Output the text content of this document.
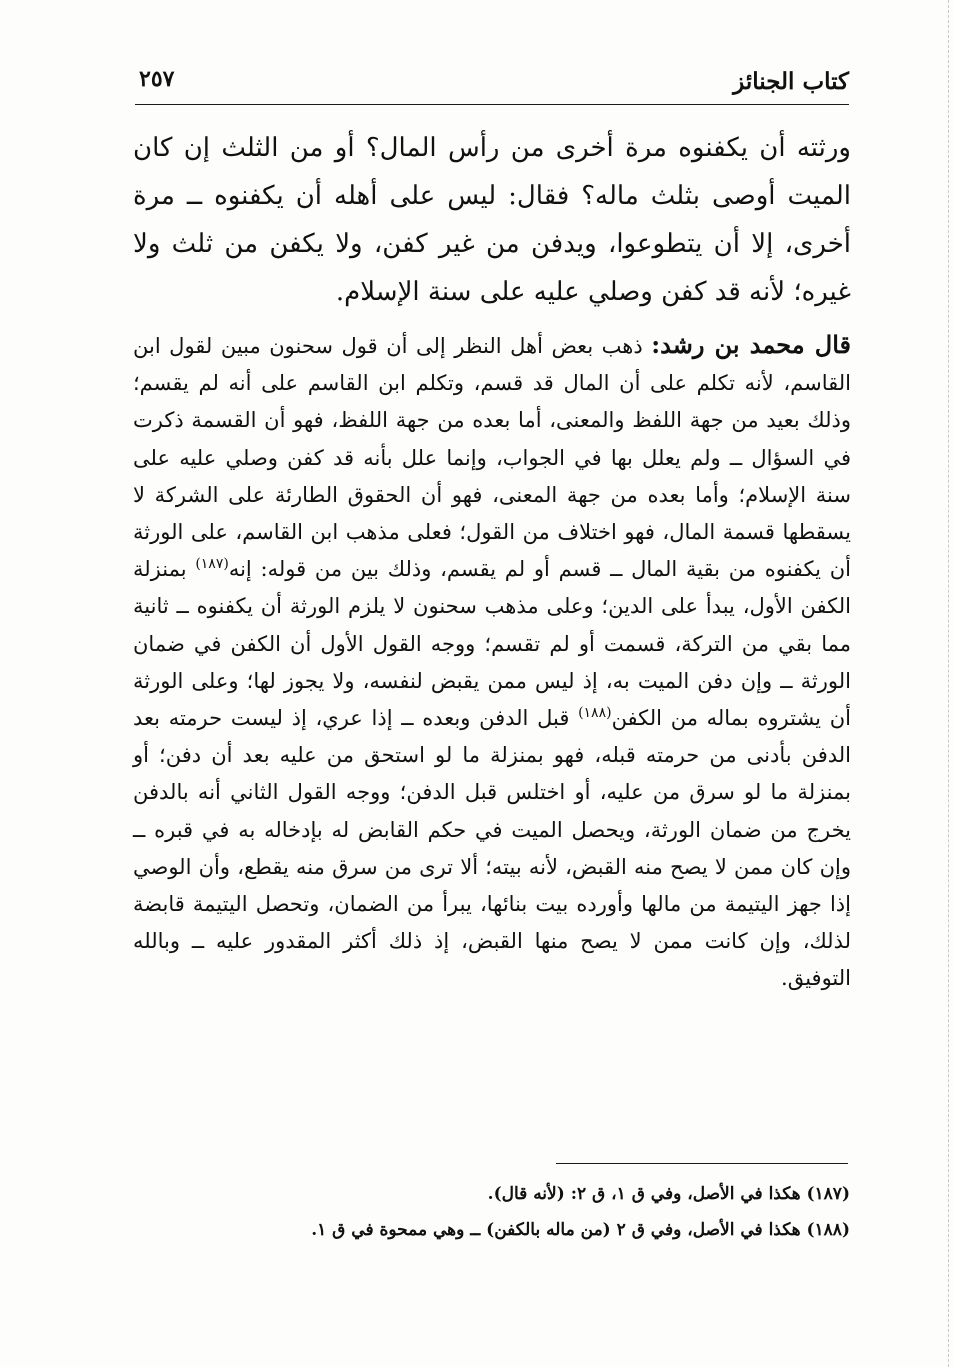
كتاب الجنائز
٢٥٧

ورثته أن يكفنوه مرة أخرى من رأس المال؟ أو من الثلث إن كان الميت أوصى بثلث ماله؟ فقال: ليس على أهله أن يكفنوه ــ مرة أخرى، إلا أن يتطوعوا، ويدفن من غير كفن، ولا يكفن من ثلث ولا غيره؛ لأنه قد كفن وصلي عليه على سنة الإسلام.

قال محمد بن رشد: ذهب بعض أهل النظر إلى أن قول سحنون مبين لقول ابن القاسم، لأنه تكلم على أن المال قد قسم، وتكلم ابن القاسم على أنه لم يقسم؛ وذلك بعيد من جهة اللفظ والمعنى، أما بعده من جهة اللفظ، فهو أن القسمة ذكرت في السؤال ــ ولم يعلل بها في الجواب، وإنما علل بأنه قد كفن وصلي عليه على سنة الإسلام؛ وأما بعده من جهة المعنى، فهو أن الحقوق الطارئة على الشركة لا يسقطها قسمة المال، فهو اختلاف من القول؛ فعلى مذهب ابن القاسم، على الورثة أن يكفنوه من بقية المال ــ قسم أو لم يقسم، وذلك بين من قوله: إنه$^{(١٨٧)}$ بمنزلة الكفن الأول، يبدأ على الدين؛ وعلى مذهب سحنون لا يلزم الورثة أن يكفنوه ــ ثانية مما بقي من التركة، قسمت أو لم تقسم؛ ووجه القول الأول أن الكفن في ضمان الورثة ــ وإن دفن الميت به، إذ ليس ممن يقبض لنفسه، ولا يجوز لها؛ وعلى الورثة أن يشتروه بماله من الكفن$^{(١٨٨)}$ قبل الدفن وبعده ــ إذا عري، إذ ليست حرمته بعد الدفن بأدنى من حرمته قبله، فهو بمنزلة ما لو استحق من عليه بعد أن دفن؛ أو بمنزلة ما لو سرق من عليه، أو اختلس قبل الدفن؛ ووجه القول الثاني أنه بالدفن يخرج من ضمان الورثة، ويحصل الميت في حكم القابض له بإدخاله به في قبره ــ وإن كان ممن لا يصح منه القبض، لأنه بيته؛ ألا ترى من سرق منه يقطع، وأن الوصي إذا جهز اليتيمة من مالها وأورده بيت بنائها، يبرأ من الضمان، وتحصل اليتيمة قابضة لذلك، وإن كانت ممن لا يصح منها القبض، إذ ذلك أكثر المقدور عليه ــ وبالله التوفيق.

(١٨٧) هكذا في الأصل، وفي ق ١، ق ٢: (لأنه قال).

(١٨٨) هكذا في الأصل، وفي ق ٢ (من ماله بالكفن) ــ وهي ممحوة في ق ١.
